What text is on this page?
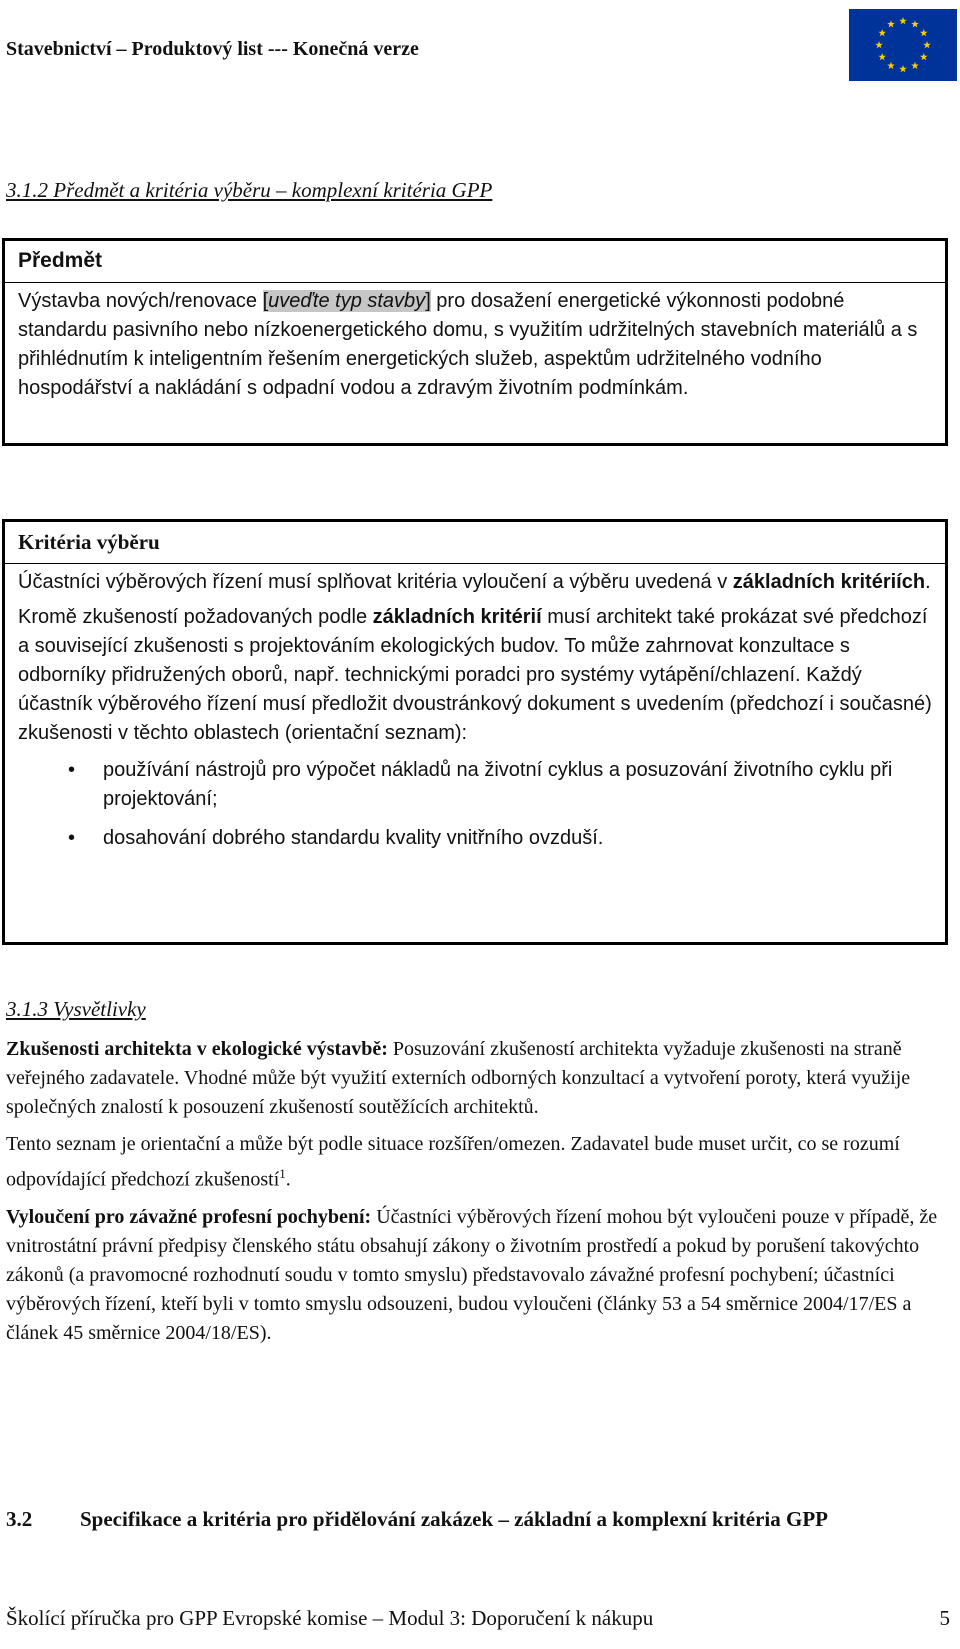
Stavebnictví – Produktový list --- Konečná verze
3.1.2 Předmět a kritéria výběru – komplexní kritéria GPP
Předmět
Výstavba nových/renovace [uveďte typ stavby] pro dosažení energetické výkonnosti podobné standardu pasivního nebo nízkoenergetického domu, s využitím udržitelných stavebních materiálů a s přihlédnutím k inteligentním řešením energetických služeb, aspektům udržitelného vodního hospodářství a nakládání s odpadní vodou a zdravým životním podmínkám.
Kritéria výběru

Účastníci výběrových řízení musí splňovat kritéria vyloučení a výběru uvedená v základních kritériích.

Kromě zkušeností požadovaných podle základních kritérií musí architekt také prokázat své předchozí a související zkušenosti s projektováním ekologických budov. To může zahrnovat konzultace s odborníky přidružených oborů, např. technickými poradci pro systémy vytápění/chlazení. Každý účastník výběrového řízení musí předložit dvoustránkový dokument s uvedením (předchozí i současné) zkušenosti v těchto oblastech (orientační seznam):

• používání nástrojů pro výpočet nákladů na životní cyklus a posuzování životního cyklu při projektování;
• dosahování dobrého standardu kvality vnitřního ovzduší.
3.1.3 Vysvětlivky

Zkušenosti architekta v ekologické výstavbě: Posuzování zkušeností architekta vyžaduje zkušenosti na straně veřejného zadavatele. Vhodné může být využití externích odborných konzultací a vytvoření poroty, která využije společných znalostí k posouzení zkušeností soutěžících architektů.

Tento seznam je orientační a může být podle situace rozšířen/omezen. Zadavatel bude muset určit, co se rozumí odpovídající předchozí zkušeností$^1$.

Vyloučení pro závažné profesní pochybení: Účastníci výběrových řízení mohou být vyloučeni pouze v případě, že vnitrostátní právní předpisy členského státu obsahují zákony o životním prostředí a pokud by porušení takovýchto zákonů (a pravomocné rozhodnutí soudu v tomto smyslu) představovalo závažné profesní pochybení; účastníci výběrových řízení, kteří byli v tomto smyslu odsouzeni, budou vyloučeni (články 53 a 54 směrnice 2004/17/ES a článek 45 směrnice 2004/18/ES).

3.2 Specifikace a kritéria pro přidělování zakázek – základní a komplexní kritéria GPP
Školící příručka pro GPP Evropské komise – Modul 3: Doporučení k nákupu	5
